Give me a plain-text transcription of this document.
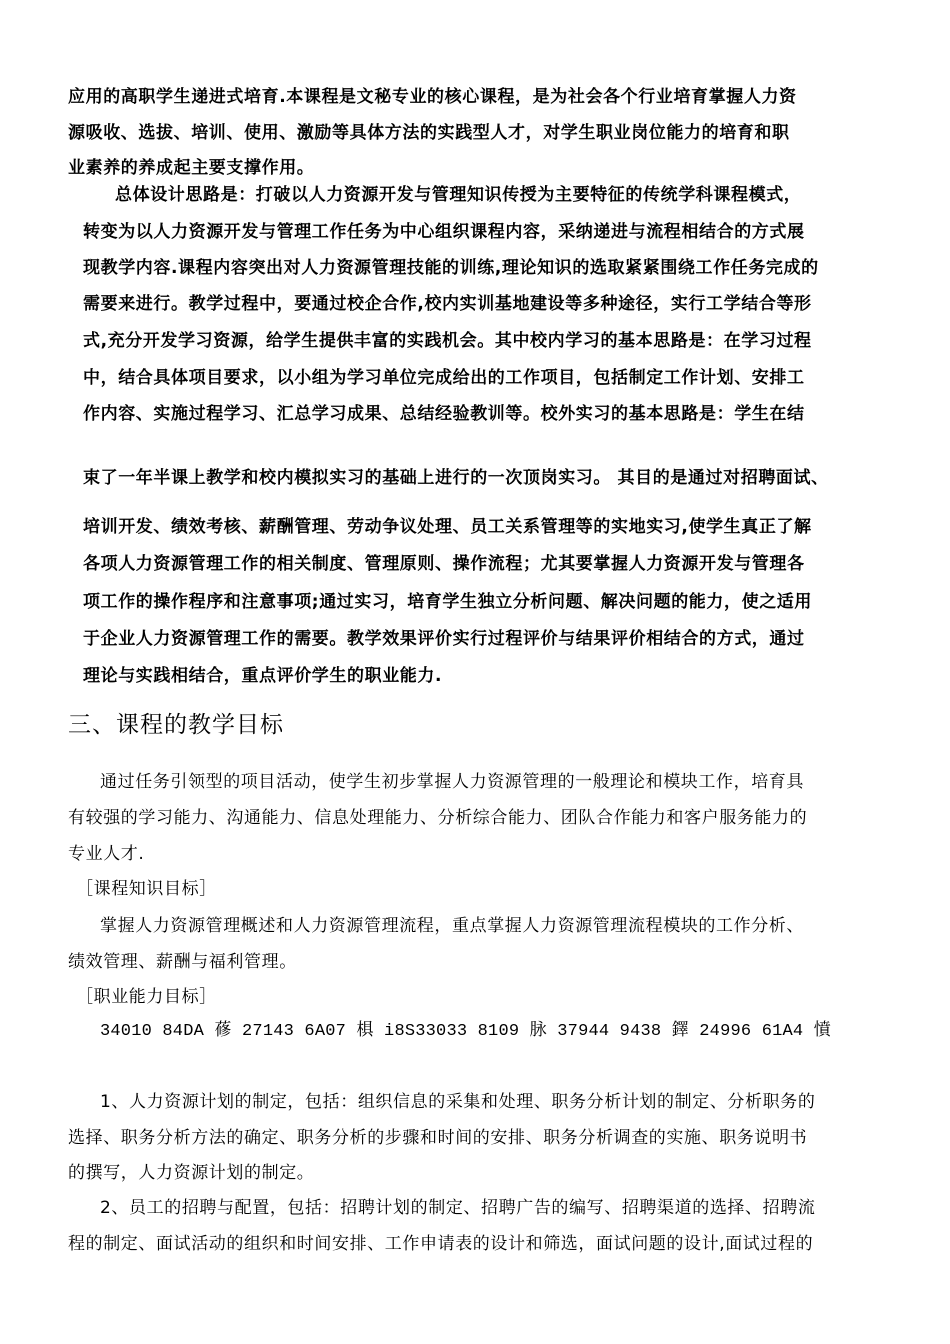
应用的高职学生递进式培育.本课程是文秘专业的核心课程，是为社会各个行业培育掌握人力资
源吸收、选拔、培训、使用、激励等具体方法的实践型人才，对学生职业岗位能力的培育和职
业素养的养成起主要支撑作用。
总体设计思路是：打破以人力资源开发与管理知识传授为主要特征的传统学科课程模式，
转变为以人力资源开发与管理工作任务为中心组织课程内容，采纳递进与流程相结合的方式展
现教学内容.课程内容突出对人力资源管理技能的训练,理论知识的选取紧紧围绕工作任务完成的
需要来进行。教学过程中，要通过校企合作,校内实训基地建设等多种途径，实行工学结合等形
式,充分开发学习资源，给学生提供丰富的实践机会。其中校内学习的基本思路是：在学习过程
中，结合具体项目要求，以小组为学习单位完成给出的工作项目，包括制定工作计划、安排工
作内容、实施过程学习、汇总学习成果、总结经验教训等。校外实习的基本思路是：学生在结
束了一年半课上教学和校内模拟实习的基础上进行的一次顶岗实习。 其目的是通过对招聘面试、
培训开发、绩效考核、薪酬管理、劳动争议处理、员工关系管理等的实地实习,使学生真正了解
各项人力资源管理工作的相关制度、管理原则、操作流程；尤其要掌握人力资源开发与管理各
项工作的操作程序和注意事项;通过实习，培育学生独立分析问题、解决问题的能力，使之适用
于企业人力资源管理工作的需要。教学效果评价实行过程评价与结果评价相结合的方式，通过
理论与实践相结合，重点评价学生的职业能力.
三、课程的教学目标
通过任务引领型的项目活动，使学生初步掌握人力资源管理的一般理论和模块工作，培育具
有较强的学习能力、沟通能力、信息处理能力、分析综合能力、团队合作能力和客户服务能力的
专业人才.
［课程知识目标］
掌握人力资源管理概述和人力资源管理流程，重点掌握人力资源管理流程模块的工作分析、
绩效管理、薪酬与福利管理。
［职业能力目标］
34010 84DA 蓚 27143 6A07 椇 i8S33033 8109 脉 37944 9438 鐸 24996 61A4 憤
1、人力资源计划的制定，包括：组织信息的采集和处理、职务分析计划的制定、分析职务的
选择、职务分析方法的确定、职务分析的步骤和时间的安排、职务分析调查的实施、职务说明书
的撰写，人力资源计划的制定。
2、员工的招聘与配置，包括：招聘计划的制定、招聘广告的编写、招聘渠道的选择、招聘流
程的制定、面试活动的组织和时间安排、工作申请表的设计和筛选，面试问题的设计,面试过程的
